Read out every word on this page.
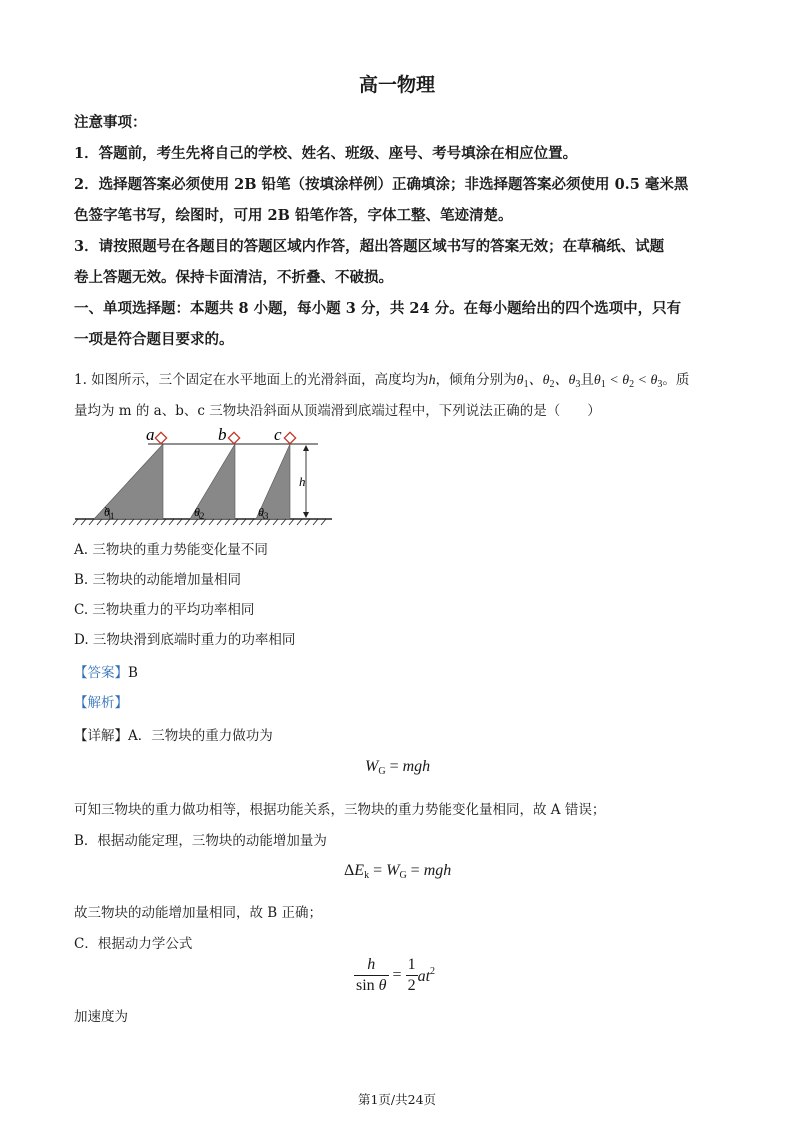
高一物理
注意事项：
1．答题前，考生先将自己的学校、姓名、班级、座号、考号填涂在相应位置。
2．选择题答案必须使用 2B 铅笔（按填涂样例）正确填涂；非选择题答案必须使用 0.5 毫米黑
色签字笔书写，绘图时，可用 2B 铅笔作答，字体工整、笔迹清楚。
3．请按照题号在各题目的答题区域内作答，超出答题区域书写的答案无效；在草稿纸、试题
卷上答题无效。保持卡面清洁，不折叠、不破损。
一、单项选择题：本题共 8 小题，每小题 3 分，共 24 分。在每小题给出的四个选项中，只有
一项是符合题目要求的。
1. 如图所示，三个固定在水平地面上的光滑斜面，高度均为h，倾角分别为$\theta_1$、$\theta_2$、$\theta_3$且$\theta_1 < \theta_2 < \theta_3$。质
量均为 m 的 a、b、c 三物块沿斜面从顶端滑到底端过程中，下列说法正确的是（　　）
a	b	c
h
$\theta_1$	$\theta_2$	$\theta_3$
A. 三物块的重力势能变化量不同
B. 三物块的动能增加量相同
C. 三物块重力的平均功率相同
D. 三物块滑到底端时重力的功率相同
【答案】B
【解析】
【详解】A．三物块的重力做功为
$W_G$ = mgh
可知三物块的重力做功相等，根据功能关系，三物块的重力势能变化量相同，故 A 错误；
B．根据动能定理，三物块的动能增加量为
$\Delta E_k = W_G$ = mgh
故三物块的动能增加量相同，故 B 正确；
C．根据动力学公式
$\frac{h}{\text{sin θ}} = \frac{1}{2} at^2$
加速度为
第1页/共24页
